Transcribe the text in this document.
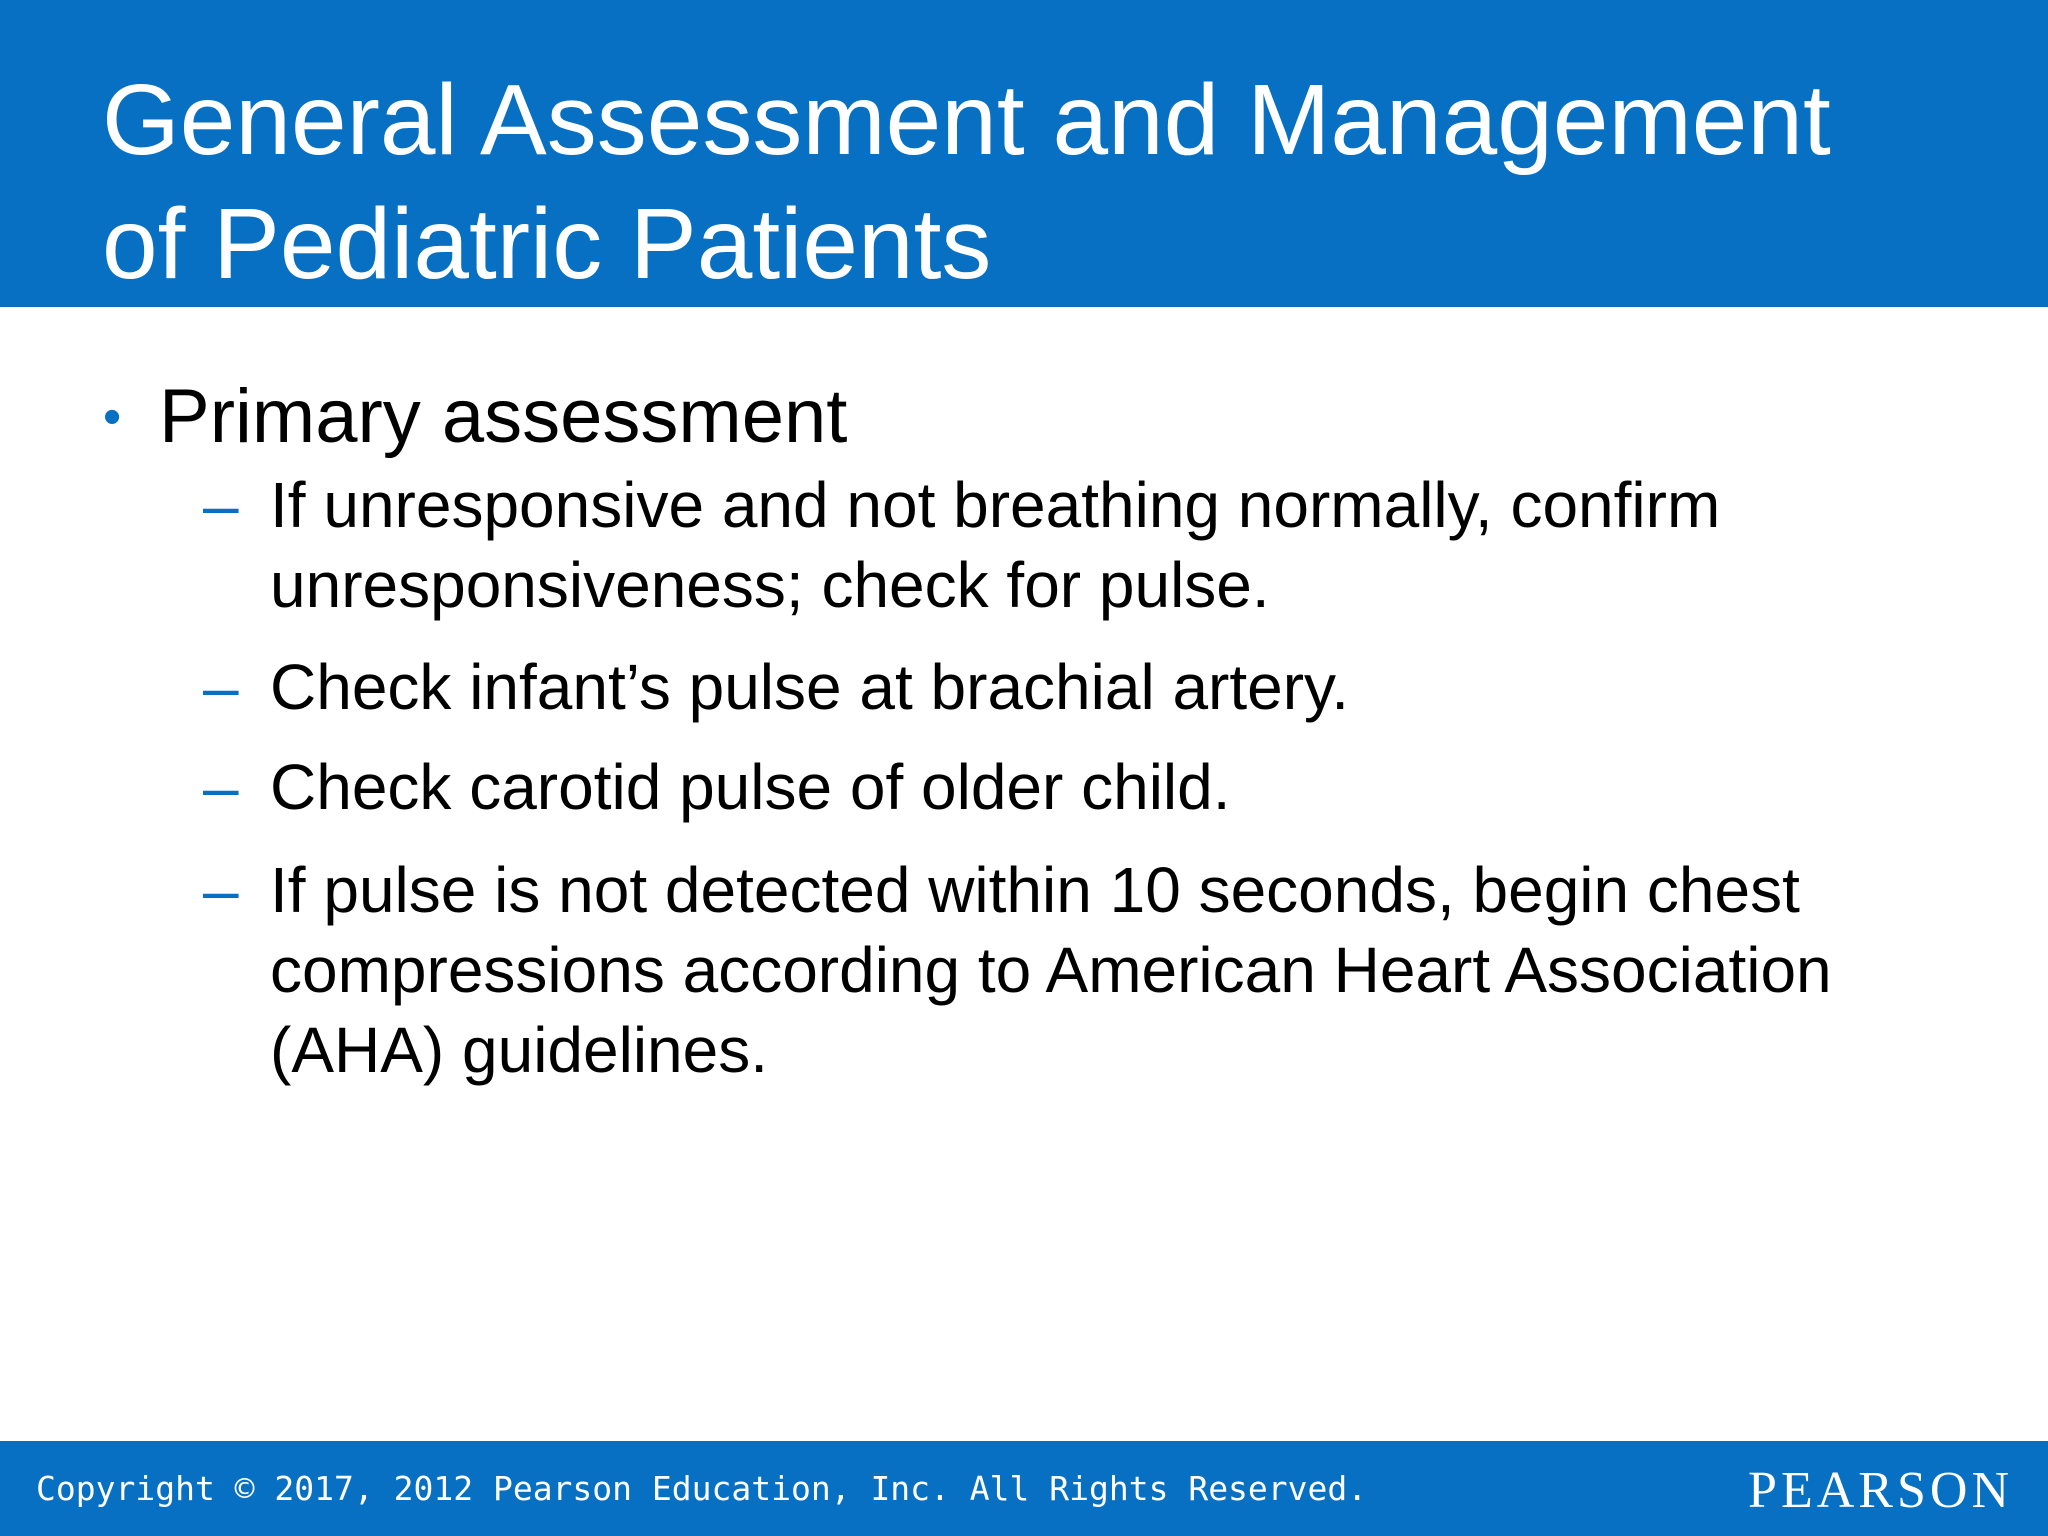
General Assessment and Management
of Pediatric Patients
• Primary assessment
– If unresponsive and not breathing normally, confirm unresponsiveness; check for pulse.
– Check infant’s pulse at brachial artery.
– Check carotid pulse of older child.
– If pulse is not detected within 10 seconds, begin chest compressions according to American Heart Association (AHA) guidelines.
Copyright © 2017, 2012 Pearson Education, Inc. All Rights Reserved.	PEARSON
